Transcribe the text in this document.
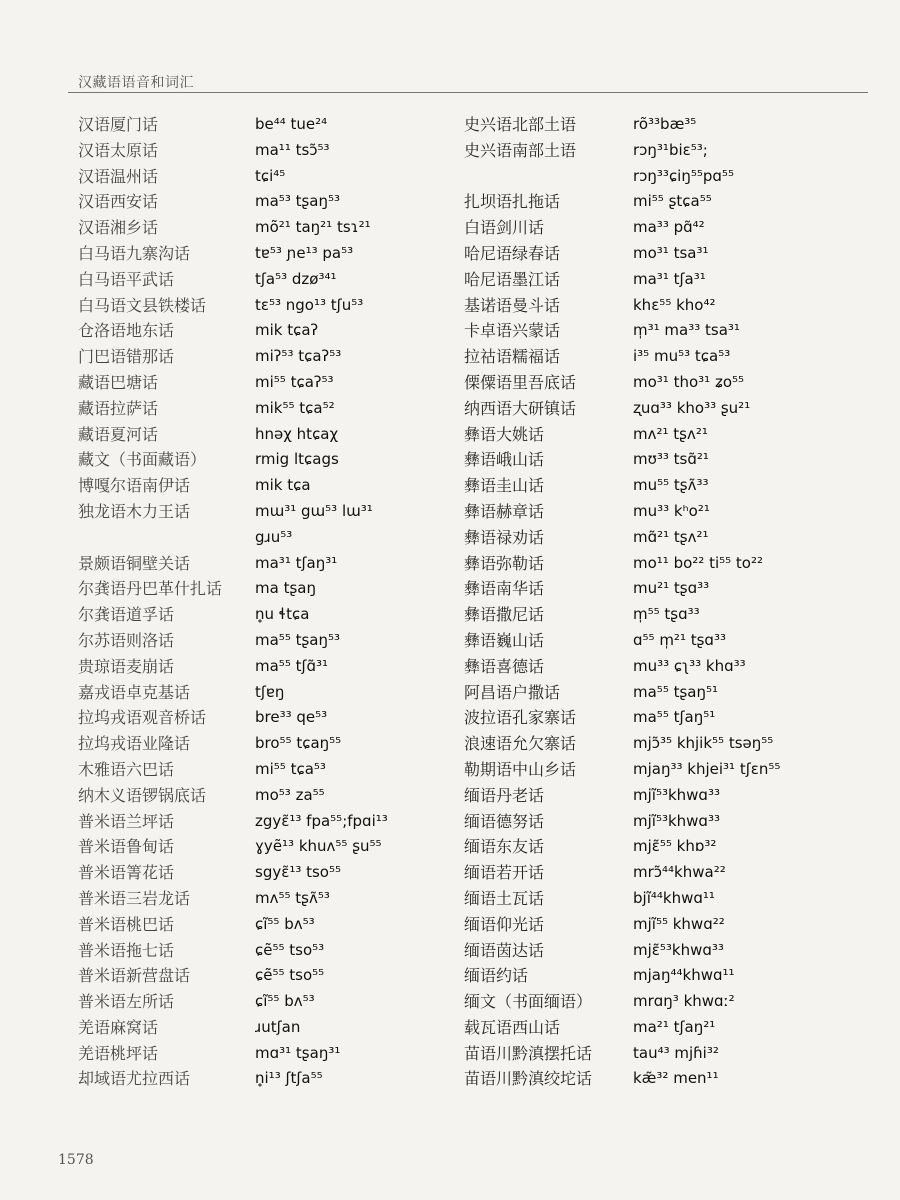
汉藏语语音和词汇
汉语厦门话	be⁴⁴ tue²⁴
汉语太原话	ma¹¹ tsɔ̃⁵³
汉语温州话	tɕi⁴⁵
汉语西安话	ma⁵³ tʂaŋ⁵³
汉语湘乡话	mõ²¹ taŋ²¹ tsɿ²¹
白马语九寨沟话	tɐ⁵³ ɲe¹³ pa⁵³
白马语平武话	tʃa⁵³ dzø³⁴¹
白马语文县铁楼话	tɛ⁵³ ngo¹³ tʃu⁵³
仓洛语地东话	mik tɕaʔ
门巴语错那话	miʔ⁵³ tɕaʔ⁵³
藏语巴塘话	mi⁵⁵ tɕaʔ⁵³
藏语拉萨话	mik⁵⁵ tɕa⁵²
藏语夏河话	hnəχ htɕaχ
藏文（书面藏语）	rmig ltɕags
博嘎尔语南伊话	mik tɕa
独龙语木力王话	mɯ³¹ gɯ⁵³ lɯ³¹
gɹu⁵³
景颇语铜壁关话	ma³¹ tʃaŋ³¹
尔龚语丹巴革什扎话	ma tʂaŋ
尔龚语道孚话	n̥u ɬtɕa
尔苏语则洛话	ma⁵⁵ tʂaŋ⁵³
贵琼语麦崩话	ma⁵⁵ tʃɑ̃³¹
嘉戎语卓克基话	tʃɐŋ
拉坞戎语观音桥话	bre³³ qe⁵³
拉坞戎语业隆话	bro⁵⁵ tɕaŋ⁵⁵
木雅语六巴话	mi⁵⁵ tɕa⁵³
纳木义语锣锅底话	mo⁵³ za⁵⁵
普米语兰坪话	zgyɛ̃¹³ fpa⁵⁵;fpɑi¹³
普米语鲁甸话	ɣyẽ¹³ khuʌ⁵⁵ ʂu⁵⁵
普米语箐花话	sgyɛ̃¹³ tso⁵⁵
普米语三岩龙话	mʌ⁵⁵ tʂʌ̃⁵³
普米语桃巴话	ɕĩ⁵⁵ bʌ⁵³
普米语拖七话	ɕẽ⁵⁵ tso⁵³
普米语新营盘话	ɕẽ⁵⁵ tso⁵⁵
普米语左所话	ɕĩ⁵⁵ bʌ⁵³
羌语麻窝话	ɹutʃan
羌语桃坪话	mɑ³¹ tʂaŋ³¹
却域语尤拉西话	n̥i¹³ ʃtʃa⁵⁵
史兴语北部土语	rõ³³bæ³⁵
史兴语南部土语	rɔŋ³¹biɛ⁵³;
rɔŋ³³ɕiŋ⁵⁵pɑ⁵⁵
扎坝语扎拖话	mi⁵⁵ ʂtɕa⁵⁵
白语剑川话	ma³³ pɑ̃⁴²
哈尼语绿春话	mo³¹ tsa³¹
哈尼语墨江话	ma³¹ tʃa³¹
基诺语曼斗话	khɛ⁵⁵ kho⁴²
卡卓语兴蒙话	m̩³¹ ma³³ tsa³¹
拉祜语糯福话	i³⁵ mu⁵³ tɕa⁵³
傈僳语里吾底话	mo³¹ tho³¹ ʑo⁵⁵
纳西语大研镇话	ʐuɑ³³ kho³³ ʂu²¹
彝语大姚话	mʌ²¹ tʂʌ²¹
彝语峨山话	mʊ³³ tsɑ̃²¹
彝语圭山话	mu⁵⁵ tʂʌ̃³³
彝语赫章话	mu³³ kʰo²¹
彝语禄劝话	mɑ̃²¹ tʂʌ²¹
彝语弥勒话	mo¹¹ bo²² ti⁵⁵ to²²
彝语南华话	mu²¹ tʂɑ³³
彝语撒尼话	m̩⁵⁵ tʂɑ³³
彝语巍山话	ɑ⁵⁵ m̩²¹ tʂɑ³³
彝语喜德话	mu³³ ɕʅ³³ khɑ³³
阿昌语户撒话	ma⁵⁵ tʂaŋ⁵¹
波拉语孔家寨话	ma⁵⁵ tʃaŋ⁵¹
浪速语允欠寨话	mjɔ̃³⁵ khjik⁵⁵ tsəŋ⁵⁵
勒期语中山乡话	mjaŋ³³ khjei³¹ tʃɛn⁵⁵
缅语丹老话	mjĩ⁵³khwɑ³³
缅语德努话	mjĩ⁵³khwɑ³³
缅语东友话	mjɛ̃⁵⁵ khɒ³²
缅语若开话	mrɔ̃⁴⁴khwa²²
缅语土瓦话	bjĩ⁴⁴khwɑ¹¹
缅语仰光话	mjĩ⁵⁵ khwɑ²²
缅语茵达话	mjɛ̃⁵³khwɑ³³
缅语约话	mjaŋ⁴⁴khwɑ¹¹
缅文（书面缅语）	mrɑŋ³ khwɑː²
载瓦语西山话	ma²¹ tʃaŋ²¹
苗语川黔滇摆托话	tau⁴³ mjɦi³²
苗语川黔滇绞坨话	kæ̃³² men¹¹
1578
